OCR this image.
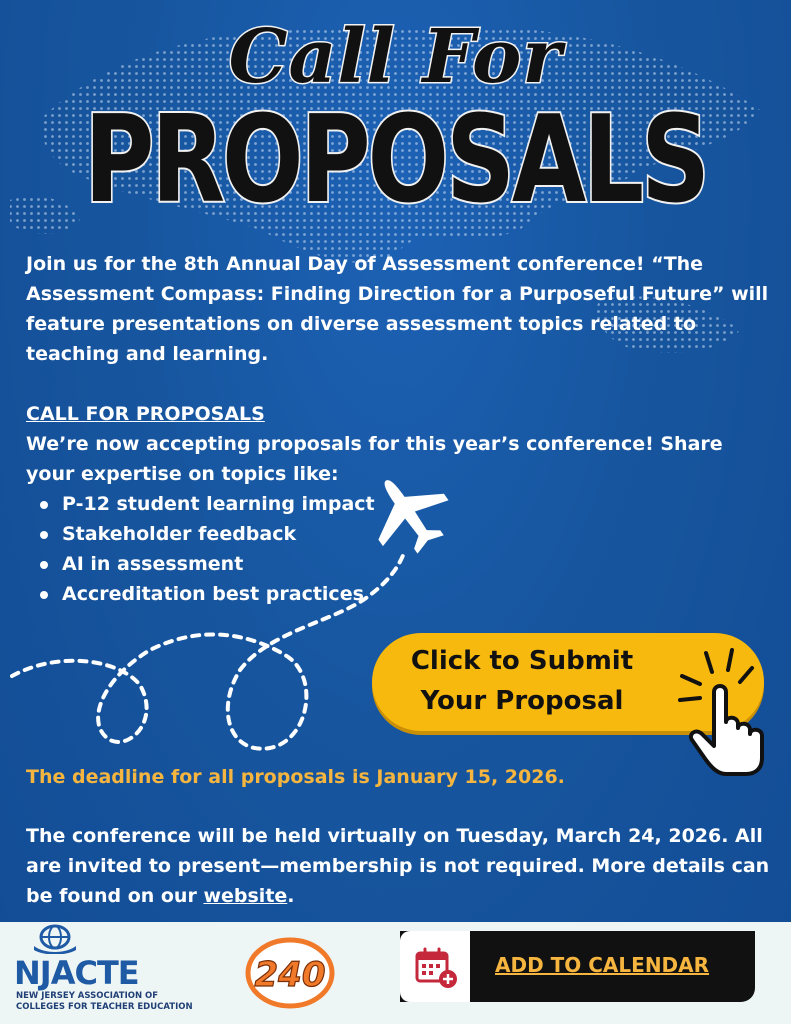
Call For
PROPOSALS

Join us for the 8th Annual Day of Assessment conference! “The Assessment Compass: Finding Direction for a Purposeful Future” will feature presentations on diverse assessment topics related to teaching and learning.

CALL FOR PROPOSALS

We’re now accepting proposals for this year’s conference! Share your expertise on topics like:

P-12 student learning impact
Stakeholder feedback
AI in assessment
Accreditation best practices
Click to Submit
Your Proposal
The deadline for all proposals is January 15, 2026.

The conference will be held virtually on Tuesday, March 24, 2026. All are invited to present—membership is not required. More details can be found on our website.

NJACTE
NEW JERSEY ASSOCIATION OF
COLLEGES FOR TEACHER EDUCATION
240	ADD TO CALENDAR
